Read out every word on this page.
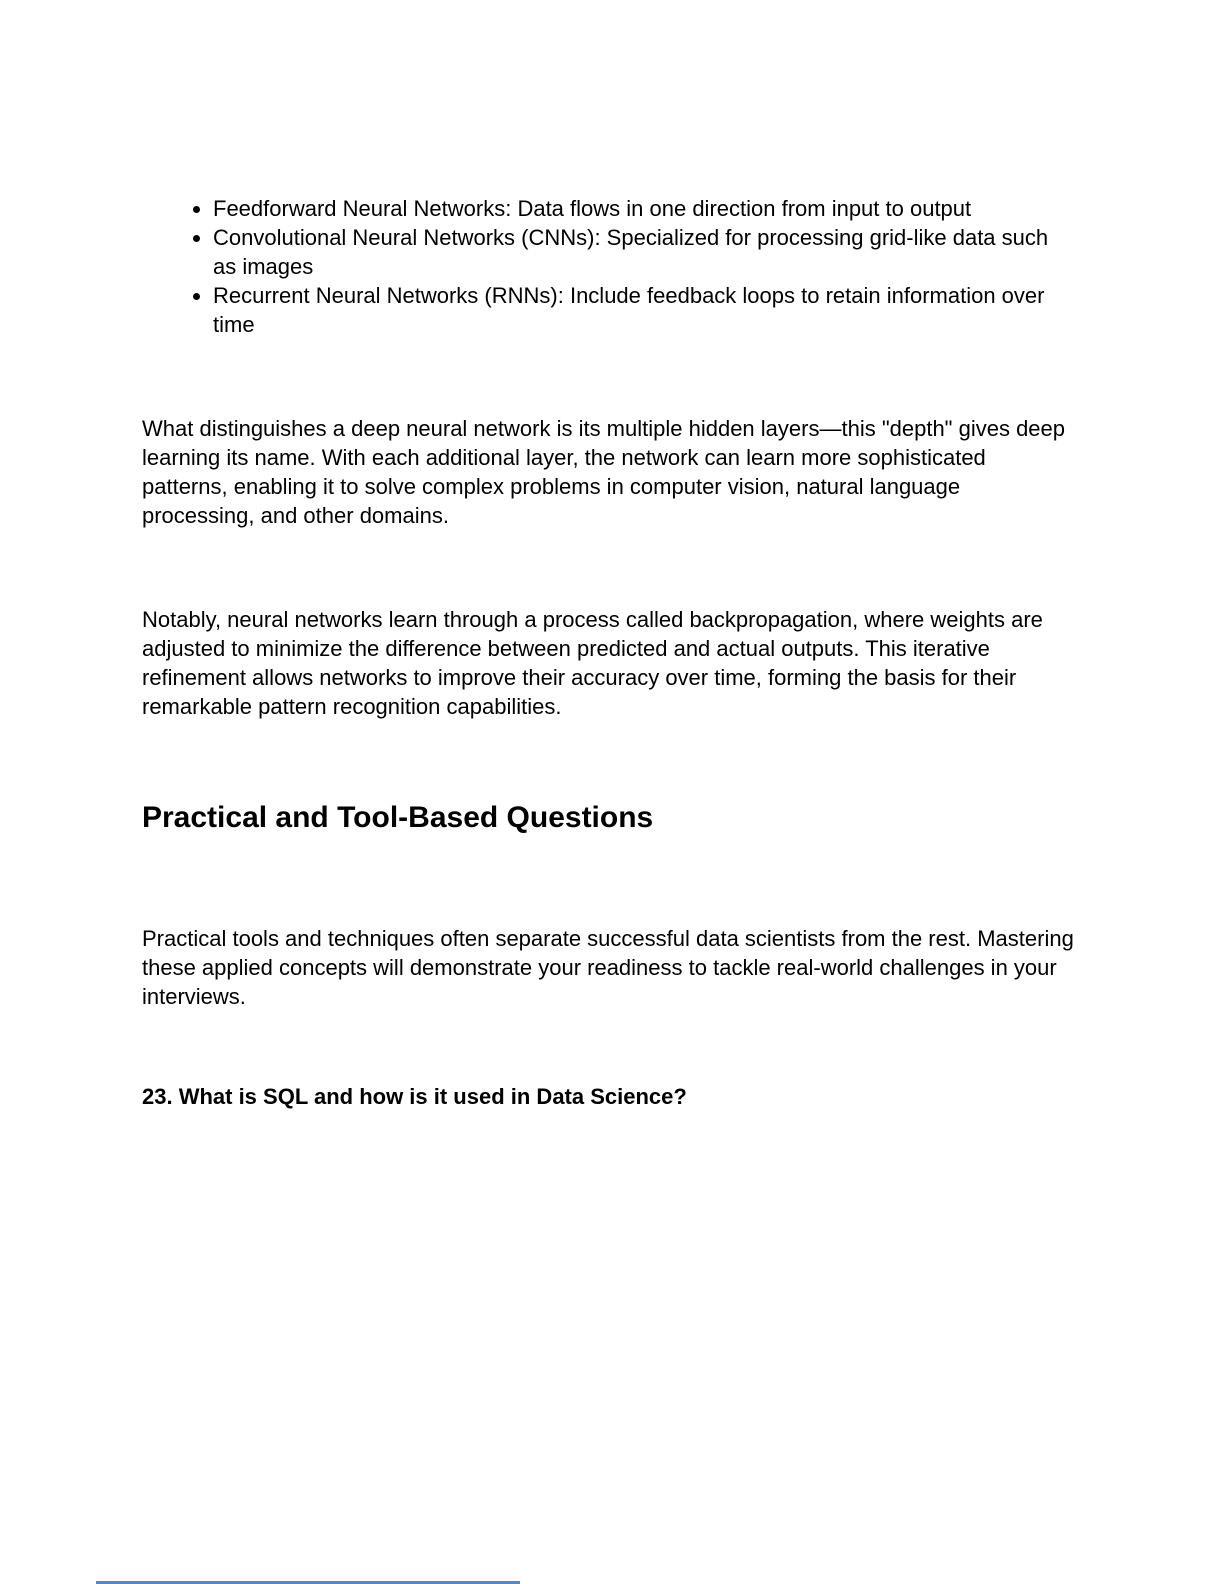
• Feedforward Neural Networks: Data flows in one direction from input to output
• Convolutional Neural Networks (CNNs): Specialized for processing grid-like data such as images
• Recurrent Neural Networks (RNNs): Include feedback loops to retain information over time

What distinguishes a deep neural network is its multiple hidden layers—this "depth" gives deep learning its name. With each additional layer, the network can learn more sophisticated patterns, enabling it to solve complex problems in computer vision, natural language processing, and other domains.

Notably, neural networks learn through a process called backpropagation, where weights are adjusted to minimize the difference between predicted and actual outputs. This iterative refinement allows networks to improve their accuracy over time, forming the basis for their remarkable pattern recognition capabilities.

Practical and Tool-Based Questions

Practical tools and techniques often separate successful data scientists from the rest. Mastering these applied concepts will demonstrate your readiness to tackle real-world challenges in your interviews.

23. What is SQL and how is it used in Data Science?
